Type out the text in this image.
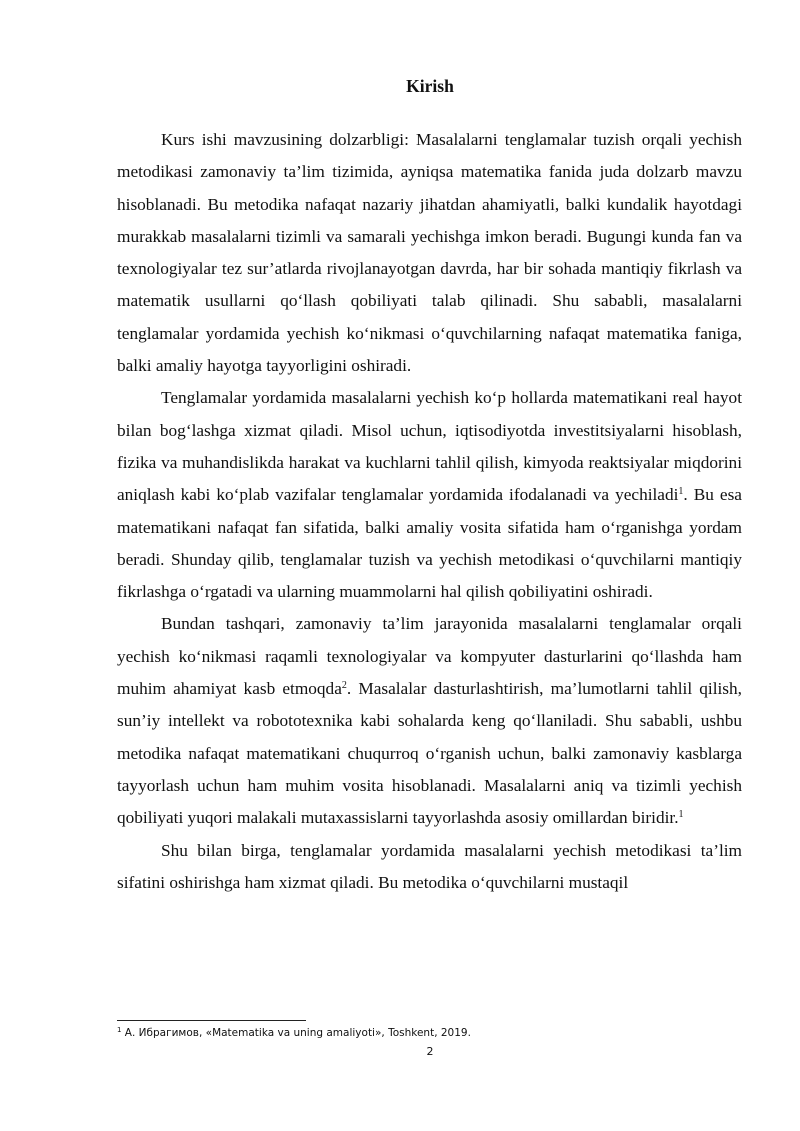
Kirish

Kurs ishi mavzusining dolzarbligi: Masalalarni tenglamalar tuzish orqali yechish metodikasi zamonaviy ta’lim tizimida, ayniqsa matematika fanida juda dolzarb mavzu hisoblanadi. Bu metodika nafaqat nazariy jihatdan ahamiyatli, balki kundalik hayotdagi murakkab masalalarni tizimli va samarali yechishga imkon beradi. Bugungi kunda fan va texnologiyalar tez sur’atlarda rivojlanayotgan davrda, har bir sohada mantiqiy fikrlash va matematik usullarni qo‘llash qobiliyati talab qilinadi. Shu sababli, masalalarni tenglamalar yordamida yechish ko‘nikmasi o‘quvchilarning nafaqat matematika faniga, balki amaliy hayotga tayyorligini oshiradi.

Tenglamalar yordamida masalalarni yechish ko‘p hollarda matematikani real hayot bilan bog‘lashga xizmat qiladi. Misol uchun, iqtisodiyotda investitsiyalarni hisoblash, fizika va muhandislikda harakat va kuchlarni tahlil qilish, kimyoda reaktsiyalar miqdorini aniqlash kabi ko‘plab vazifalar tenglamalar yordamida ifodalanadi va yechiladi$^1$. Bu esa matematikani nafaqat fan sifatida, balki amaliy vosita sifatida ham o‘rganishga yordam beradi. Shunday qilib, tenglamalar tuzish va yechish metodikasi o‘quvchilarni mantiqiy fikrlashga o‘rgatadi va ularning muammolarni hal qilish qobiliyatini oshiradi.

Bundan tashqari, zamonaviy ta’lim jarayonida masalalarni tenglamalar orqali yechish ko‘nikmasi raqamli texnologiyalar va kompyuter dasturlarini qo‘llashda ham muhim ahamiyat kasb etmoqda$^2$. Masalalar dasturlashtirish, ma’lumotlarni tahlil qilish, sun’iy intellekt va robototexnika kabi sohalarda keng qo‘llaniladi. Shu sababli, ushbu metodika nafaqat matematikani chuqurroq o‘rganish uchun, balki zamonaviy kasblarga tayyorlash uchun ham muhim vosita hisoblanadi. Masalalarni aniq va tizimli yechish qobiliyati yuqori malakali mutaxassislarni tayyorlashda asosiy omillardan biridir.$^1$

Shu bilan birga, tenglamalar yordamida masalalarni yechish metodikasi ta’lim sifatini oshirishga ham xizmat qiladi. Bu metodika o‘quvchilarni mustaqil

$^1$ А. Ибрагимов, «Matematika va uning amaliyoti», Toshkent, 2019.
2
